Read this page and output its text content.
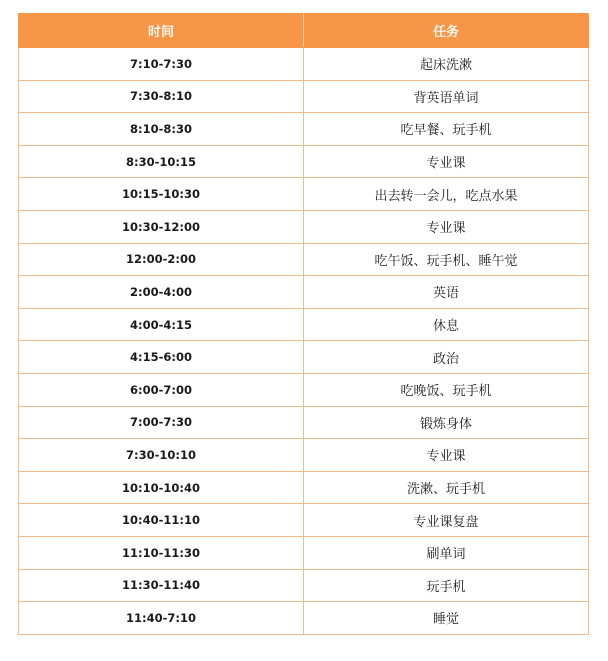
时间	任务
7:10-7:30	起床洗漱
7:30-8:10	背英语单词
8:10-8:30	吃早餐、玩手机
8:30-10:15	专业课
10:15-10:30	出去转一会儿，吃点水果
10:30-12:00	专业课
12:00-2:00	吃午饭、玩手机、睡午觉
2:00-4:00	英语
4:00-4:15	休息
4:15-6:00	政治
6:00-7:00	吃晚饭、玩手机
7:00-7:30	锻炼身体
7:30-10:10	专业课
10:10-10:40	洗漱、玩手机
10:40-11:10	专业课复盘
11:10-11:30	刷单词
11:30-11:40	玩手机
11:40-7:10	睡觉
